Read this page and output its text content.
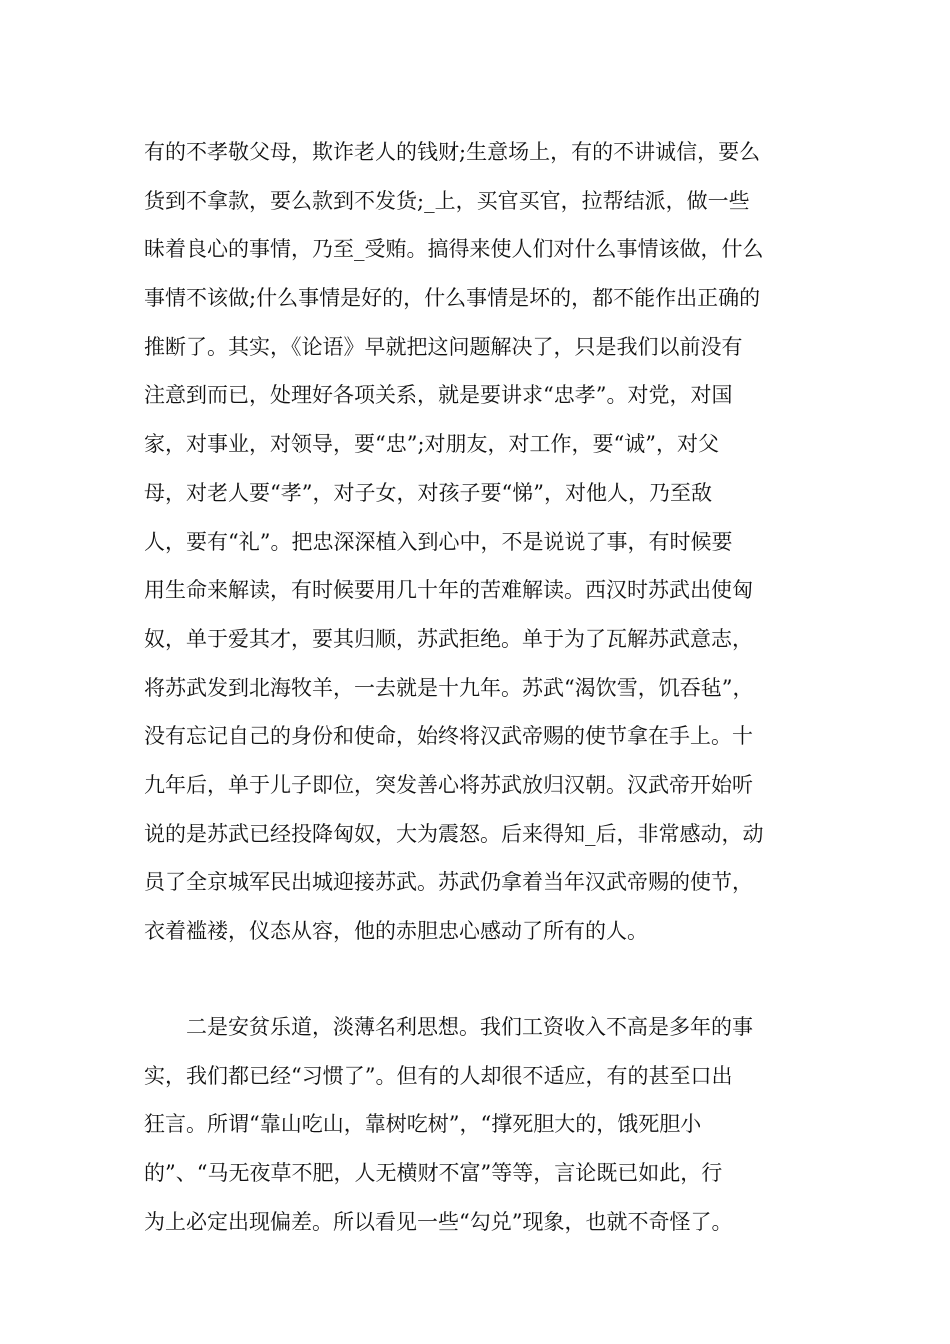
有的不孝敬父母，欺诈老人的钱财;生意场上，有的不讲诚信，要么
货到不拿款，要么款到不发货;_上，买官买官，拉帮结派，做一些
昧着良心的事情，乃至_受贿。搞得来使人们对什么事情该做，什么
事情不该做;什么事情是好的，什么事情是坏的，都不能作出正确的
推断了。其实，《论语》早就把这问题解决了，只是我们以前没有
注意到而已，处理好各项关系，就是要讲求“忠孝”。对党，对国
家，对事业，对领导，要“忠”;对朋友，对工作，要“诚”，对父
母，对老人要“孝”，对子女，对孩子要“悌”，对他人，乃至敌
人，要有“礼”。把忠深深植入到心中，不是说说了事，有时候要
用生命来解读，有时候要用几十年的苦难解读。西汉时苏武出使匈
奴，单于爱其才，要其归顺，苏武拒绝。单于为了瓦解苏武意志，
将苏武发到北海牧羊，一去就是十九年。苏武“渴饮雪，饥吞毡”，
没有忘记自己的身份和使命，始终将汉武帝赐的使节拿在手上。十
九年后，单于儿子即位，突发善心将苏武放归汉朝。汉武帝开始听
说的是苏武已经投降匈奴，大为震怒。后来得知_后，非常感动，动
员了全京城军民出城迎接苏武。苏武仍拿着当年汉武帝赐的使节，
衣着褴褛，仪态从容，他的赤胆忠心感动了所有的人。
二是安贫乐道，淡薄名利思想。我们工资收入不高是多年的事
实，我们都已经“习惯了”。但有的人却很不适应，有的甚至口出
狂言。所谓“靠山吃山，靠树吃树”，“撑死胆大的，饿死胆小
的”、“马无夜草不肥，人无横财不富”等等，言论既已如此，行
为上必定出现偏差。所以看见一些“勾兑”现象，也就不奇怪了。
